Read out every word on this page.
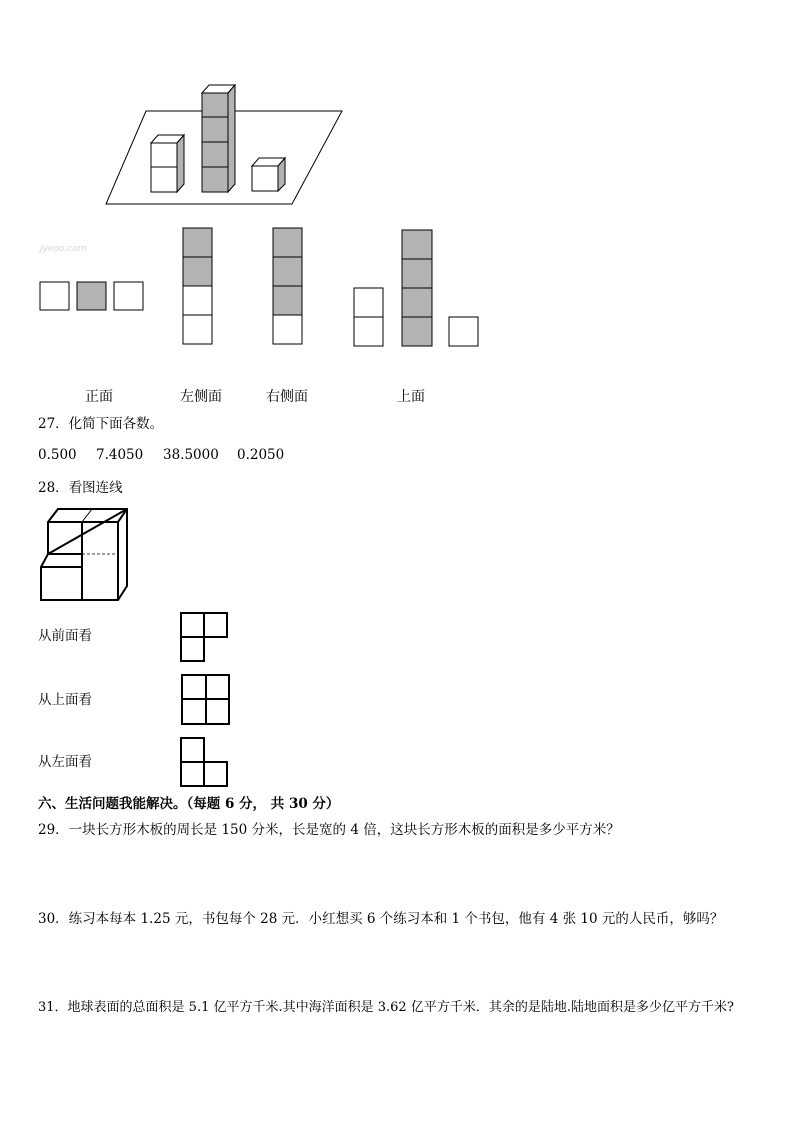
Jyeoo.com
正面	左侧面	右侧面	上面
27．化简下面各数。
0.500 7.4050 38.5000 0.2050
28．看图连线
从前面看
从上面看
从左面看
六、生活问题我能解决。（每题 6 分， 共 30 分）
29．一块长方形木板的周长是 150 分米，长是宽的 4 倍，这块长方形木板的面积是多少平方米？
30．练习本每本 1.25 元，书包每个 28 元．小红想买 6 个练习本和 1 个书包，他有 4 张 10 元的人民币，够吗？
31．地球表面的总面积是 5.1 亿平方千米.其中海洋面积是 3.62 亿平方千米．其余的是陆地.陆地面积是多少亿平方千米?
